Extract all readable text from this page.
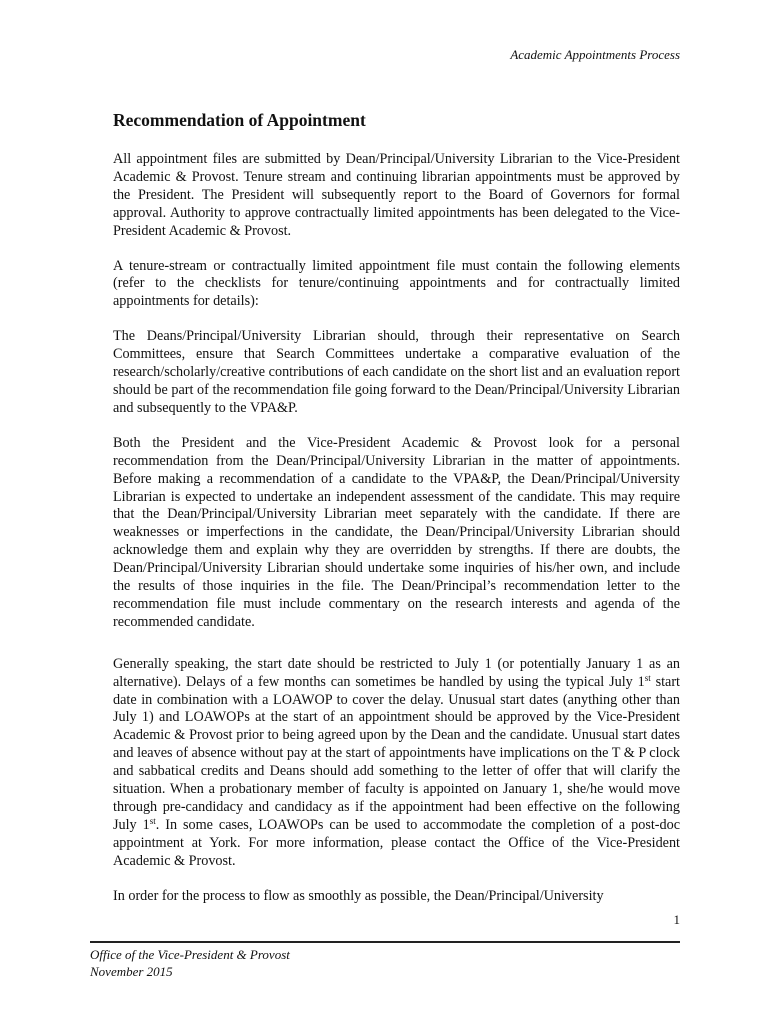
Academic Appointments Process
Recommendation of Appointment

All appointment files are submitted by Dean/Principal/University Librarian to the Vice-President Academic & Provost. Tenure stream and continuing librarian appointments must be approved by the President. The President will subsequently report to the Board of Governors for formal approval. Authority to approve contractually limited appointments has been delegated to the Vice-President Academic & Provost.

A tenure-stream or contractually limited appointment file must contain the following elements (refer to the checklists for tenure/continuing appointments and for contractually limited appointments for details):

The Deans/Principal/University Librarian should, through their representative on Search Committees, ensure that Search Committees undertake a comparative evaluation of the research/scholarly/creative contributions of each candidate on the short list and an evaluation report should be part of the recommendation file going forward to the Dean/Principal/University Librarian and subsequently to the VPA&P.

Both the President and the Vice-President Academic & Provost look for a personal recommendation from the Dean/Principal/University Librarian in the matter of appointments. Before making a recommendation of a candidate to the VPA&P, the Dean/Principal/University Librarian is expected to undertake an independent assessment of the candidate. This may require that the Dean/Principal/University Librarian meet separately with the candidate. If there are weaknesses or imperfections in the candidate, the Dean/Principal/University Librarian should acknowledge them and explain why they are overridden by strengths. If there are doubts, the Dean/Principal/University Librarian should undertake some inquiries of his/her own, and include the results of those inquiries in the file. The Dean/Principal’s recommendation letter to the recommendation file must include commentary on the research interests and agenda of the recommended candidate.

Generally speaking, the start date should be restricted to July 1 (or potentially January 1 as an alternative). Delays of a few months can sometimes be handled by using the typical July 1st start date in combination with a LOAWOP to cover the delay. Unusual start dates (anything other than July 1) and LOAWOPs at the start of an appointment should be approved by the Vice-President Academic & Provost prior to being agreed upon by the Dean and the candidate. Unusual start dates and leaves of absence without pay at the start of appointments have implications on the T & P clock and sabbatical credits and Deans should add something to the letter of offer that will clarify the situation. When a probationary member of faculty is appointed on January 1, she/he would move through pre-candidacy and candidacy as if the appointment had been effective on the following July 1st. In some cases, LOAWOPs can be used to accommodate the completion of a post-doc appointment at York. For more information, please contact the Office of the Vice-President Academic & Provost.

In order for the process to flow as smoothly as possible, the Dean/Principal/University

1
Office of the Vice-President & Provost
November 2015
